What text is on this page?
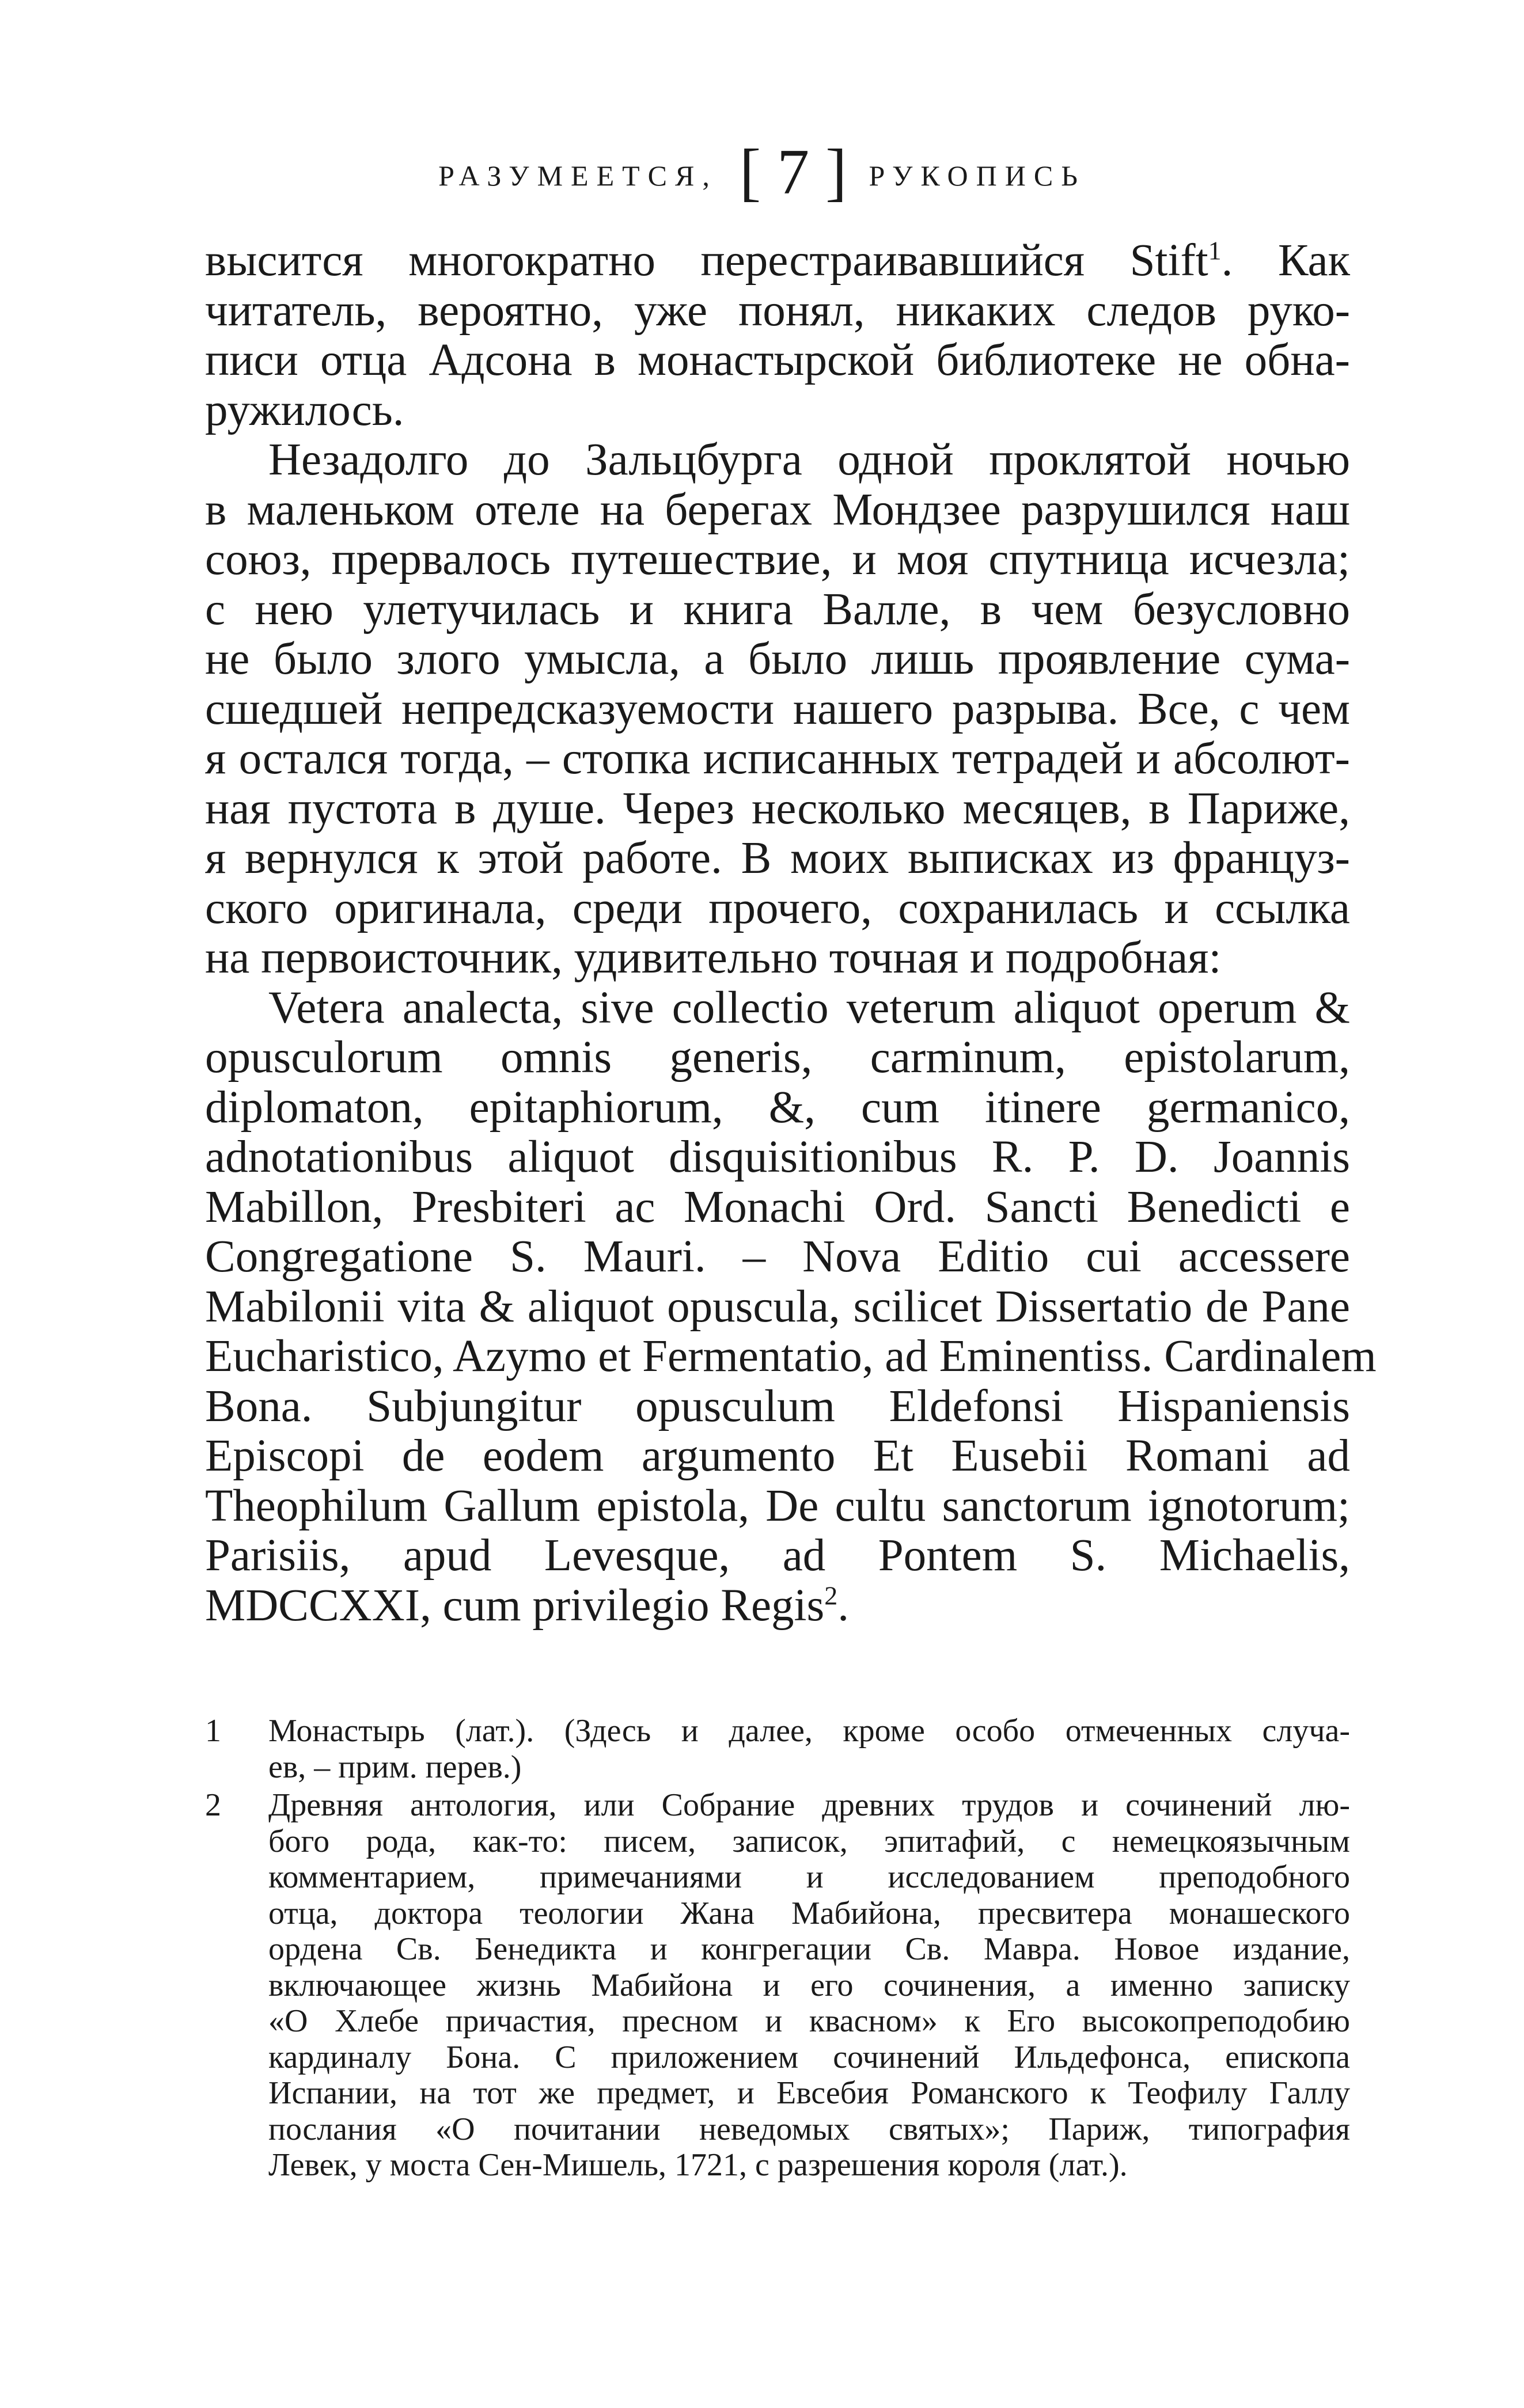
РАЗУМЕЕТСЯ, [ 7 ] РУКОПИСЬ

высится многократно перестраивавшийся Stift$^1$. Как
читатель, вероятно, уже понял, никаких следов руко-
писи отца Адсона в монастырской библиотеке не обна-
ружилось.

Незадолго до Зальцбурга одной проклятой ночью
в маленьком отеле на берегах Мондзее разрушился наш
союз, прервалось путешествие, и моя спутница исчезла;
с нею улетучилась и книга Валле, в чем безусловно
не было злого умысла, а было лишь проявление сума-
сшедшей непредсказуемости нашего разрыва. Все, с чем
я остался тогда, – стопка исписанных тетрадей и абсолют-
ная пустота в душе. Через несколько месяцев, в Париже,
я вернулся к этой работе. В моих выписках из француз-
ского оригинала, среди прочего, сохранилась и ссылка
на первоисточник, удивительно точная и подробная:

Vetera analecta, sive collectio veterum aliquot operum &
opusculorum omnis generis, carminum, epistolarum,
diplomaton, epitaphiorum, &, cum itinere germanico,
adnotationibus aliquot disquisitionibus R. P. D. Joannis
Mabillon, Presbiteri ac Monachi Ord. Sancti Benedicti e
Congregatione S. Mauri. – Nova Editio cui accessere
Mabilonii vita & aliquot opuscula, scilicet Dissertatio de Pane
Eucharistico, Azymo et Fermentatio, ad Eminentiss. Cardinalem
Bona. Subjungitur opusculum Eldefonsi Hispaniensis
Episcopi de eodem argumento Et Eusebii Romani ad
Theophilum Gallum epistola, De cultu sanctorum ignotorum;
Parisiis, apud Levesque, ad Pontem S. Michaelis,
MDCCXXI, cum privilegio Regis$^2$.

1	Монастырь (лат.). (Здесь и далее, кроме особо отмеченных случа-
ев, – прим. перев.)
2	Древняя антология, или Собрание древних трудов и сочинений лю-
бого рода, как-то: писем, записок, эпитафий, с немецкоязычным
комментарием, примечаниями и исследованием преподобного
отца, доктора теологии Жана Мабийона, пресвитера монашеского
ордена Св. Бенедикта и конгрегации Св. Мавра. Новое издание,
включающее жизнь Мабийона и его сочинения, а именно записку
«О Хлебе причастия, пресном и квасном» к Его высокопреподобию
кардиналу Бона. С приложением сочинений Ильдефонса, епископа
Испании, на тот же предмет, и Евсебия Романского к Теофилу Галлу
послания «О почитании неведомых святых»; Париж, типография
Левек, у моста Сен-Мишель, 1721, с разрешения короля (лат.).
